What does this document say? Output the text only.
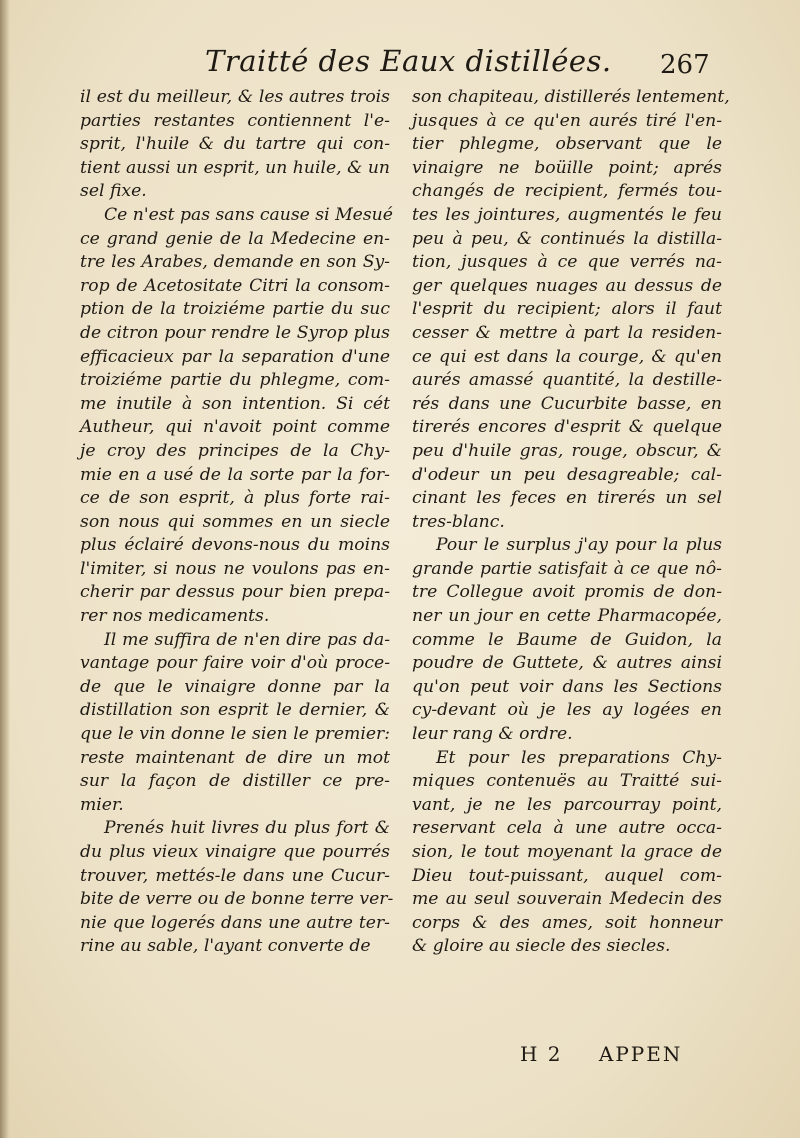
Traitté des Eaux distillées. 267
il est du meilleur, & les autres trois
parties restantes contiennent l'e-
sprit, l'huile & du tartre qui con-
tient aussi un esprit, un huile, & un
sel fixe.
Ce n'est pas sans cause si Mesué
ce grand genie de la Medecine en-
tre les Arabes, demande en son Sy-
rop de Acetositate Citri la consom-
ption de la troiziéme partie du suc
de citron pour rendre le Syrop plus
efficacieux par la separation d'une
troiziéme partie du phlegme, com-
me inutile à son intention. Si cét
Autheur, qui n'avoit point comme
je croy des principes de la Chy-
mie en a usé de la sorte par la for-
ce de son esprit, à plus forte rai-
son nous qui sommes en un siecle
plus éclairé devons-nous du moins
l'imiter, si nous ne voulons pas en-
cherir par dessus pour bien prepa-
rer nos medicaments.
Il me suffira de n'en dire pas da-
vantage pour faire voir d'où proce-
de que le vinaigre donne par la
distillation son esprit le dernier, &
que le vin donne le sien le premier:
reste maintenant de dire un mot
sur la façon de distiller ce pre-
mier.
Prenés huit livres du plus fort &
du plus vieux vinaigre que pourrés
trouver, mettés-le dans une Cucur-
bite de verre ou de bonne terre ver-
nie que logerés dans une autre ter-
rine au sable, l'ayant converte de
son chapiteau, distillerés lentement,
jusques à ce qu'en aurés tiré l'en-
tier phlegme, observant que le
vinaigre ne boüille point; aprés
changés de recipient, fermés tou-
tes les jointures, augmentés le feu
peu à peu, & continués la distilla-
tion, jusques à ce que verrés na-
ger quelques nuages au dessus de
l'esprit du recipient; alors il faut
cesser & mettre à part la residen-
ce qui est dans la courge, & qu'en
aurés amassé quantité, la destille-
rés dans une Cucurbite basse, en
tirerés encores d'esprit & quelque
peu d'huile gras, rouge, obscur, &
d'odeur un peu desagreable; cal-
cinant les feces en tirerés un sel
tres-blanc.
Pour le surplus j'ay pour la plus
grande partie satisfait à ce que nô-
tre Collegue avoit promis de don-
ner un jour en cette Pharmacopée,
comme le Baume de Guidon, la
poudre de Guttete, & autres ainsi
qu'on peut voir dans les Sections
cy-devant où je les ay logées en
leur rang & ordre.
Et pour les preparations Chy-
miques contenuës au Traitté sui-
vant, je ne les parcourray point,
reservant cela à une autre occa-
sion, le tout moyenant la grace de
Dieu tout-puissant, auquel com-
me au seul souverain Medecin des
corps & des ames, soit honneur
& gloire au siecle des siecles.
H 2 APPEN
